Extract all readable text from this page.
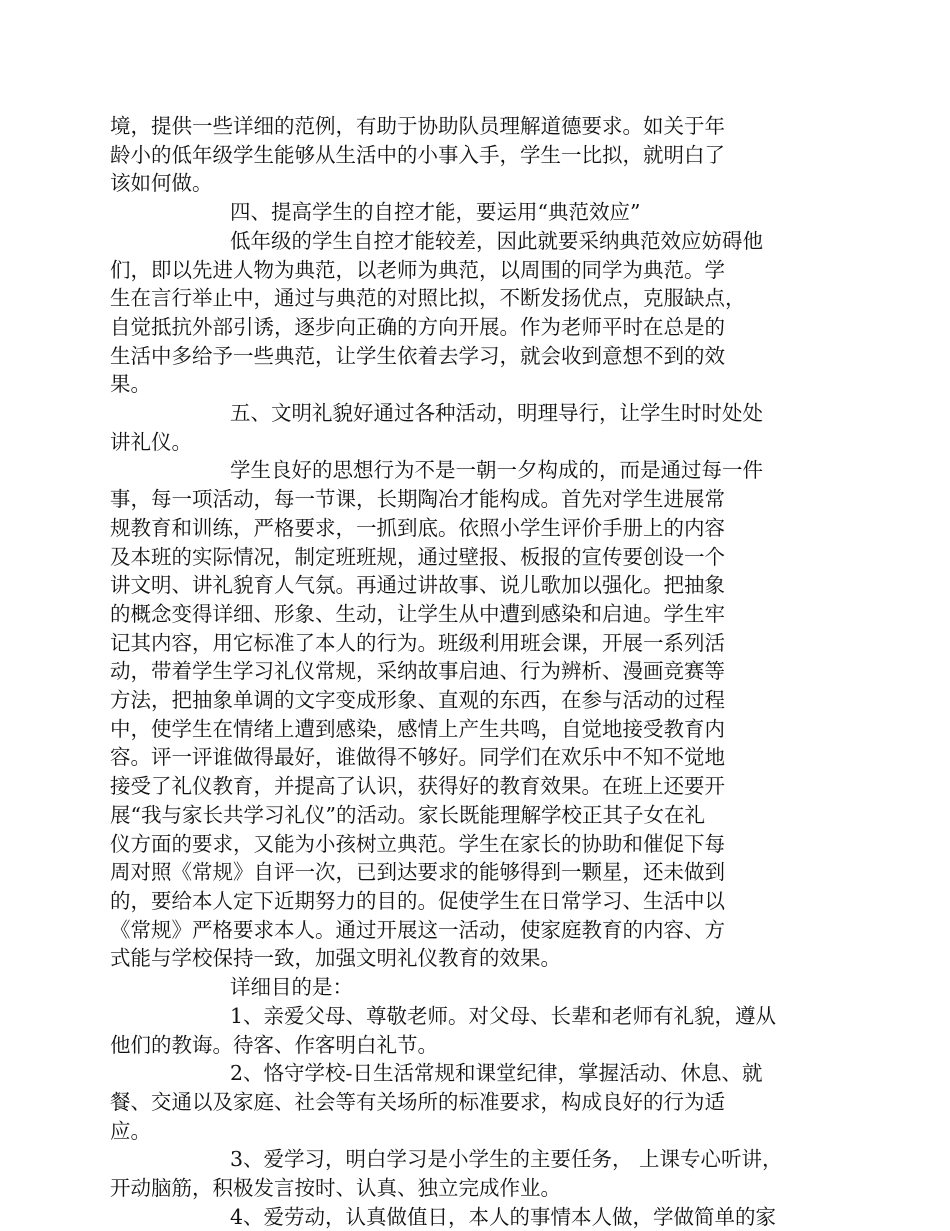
境，提供一些详细的范例，有助于协助队员理解道德要求。如关于年
龄小的低年级学生能够从生活中的小事入手，学生一比拟，就明白了
该如何做。
四、提高学生的自控才能，要运用“典范效应”
低年级的学生自控才能较差，因此就要采纳典范效应妨碍他
们，即以先进人物为典范，以老师为典范，以周围的同学为典范。学
生在言行举止中，通过与典范的对照比拟，不断发扬优点，克服缺点，
自觉抵抗外部引诱，逐步向正确的方向开展。作为老师平时在总是的
生活中多给予一些典范，让学生依着去学习，就会收到意想不到的效
果。
五、文明礼貌好通过各种活动，明理导行，让学生时时处处
讲礼仪。
学生良好的思想行为不是一朝一夕构成的，而是通过每一件
事，每一项活动，每一节课，长期陶冶才能构成。首先对学生进展常
规教育和训练，严格要求，一抓到底。依照小学生评价手册上的内容
及本班的实际情况，制定班班规，通过壁报、板报的宣传要创设一个
讲文明、讲礼貌育人气氛。再通过讲故事、说儿歌加以强化。把抽象
的概念变得详细、形象、生动，让学生从中遭到感染和启迪。学生牢
记其内容，用它标准了本人的行为。班级利用班会课，开展一系列活
动，带着学生学习礼仪常规，采纳故事启迪、行为辨析、漫画竞赛等
方法，把抽象单调的文字变成形象、直观的东西，在参与活动的过程
中，使学生在情绪上遭到感染，感情上产生共鸣，自觉地接受教育内
容。评一评谁做得最好，谁做得不够好。同学们在欢乐中不知不觉地
接受了礼仪教育，并提高了认识，获得好的教育效果。在班上还要开
展“我与家长共学习礼仪”的活动。家长既能理解学校正其子女在礼
仪方面的要求，又能为小孩树立典范。学生在家长的协助和催促下每
周对照《常规》自评一次，已到达要求的能够得到一颗星，还未做到
的，要给本人定下近期努力的目的。促使学生在日常学习、生活中以
《常规》严格要求本人。通过开展这一活动，使家庭教育的内容、方
式能与学校保持一致，加强文明礼仪教育的效果。
详细目的是：
1、亲爱父母、尊敬老师。对父母、长辈和老师有礼貌，遵从
他们的教诲。待客、作客明白礼节。
2、恪守学校-日生活常规和课堂纪律，掌握活动、休息、就
餐、交通以及家庭、社会等有关场所的标准要求，构成良好的行为适
应。
3、爱学习，明白学习是小学生的主要任务， 上课专心听讲，
开动脑筋，积极发言按时、认真、独立完成作业。
4、爱劳动，认真做值日，本人的事情本人做，学做简单的家
